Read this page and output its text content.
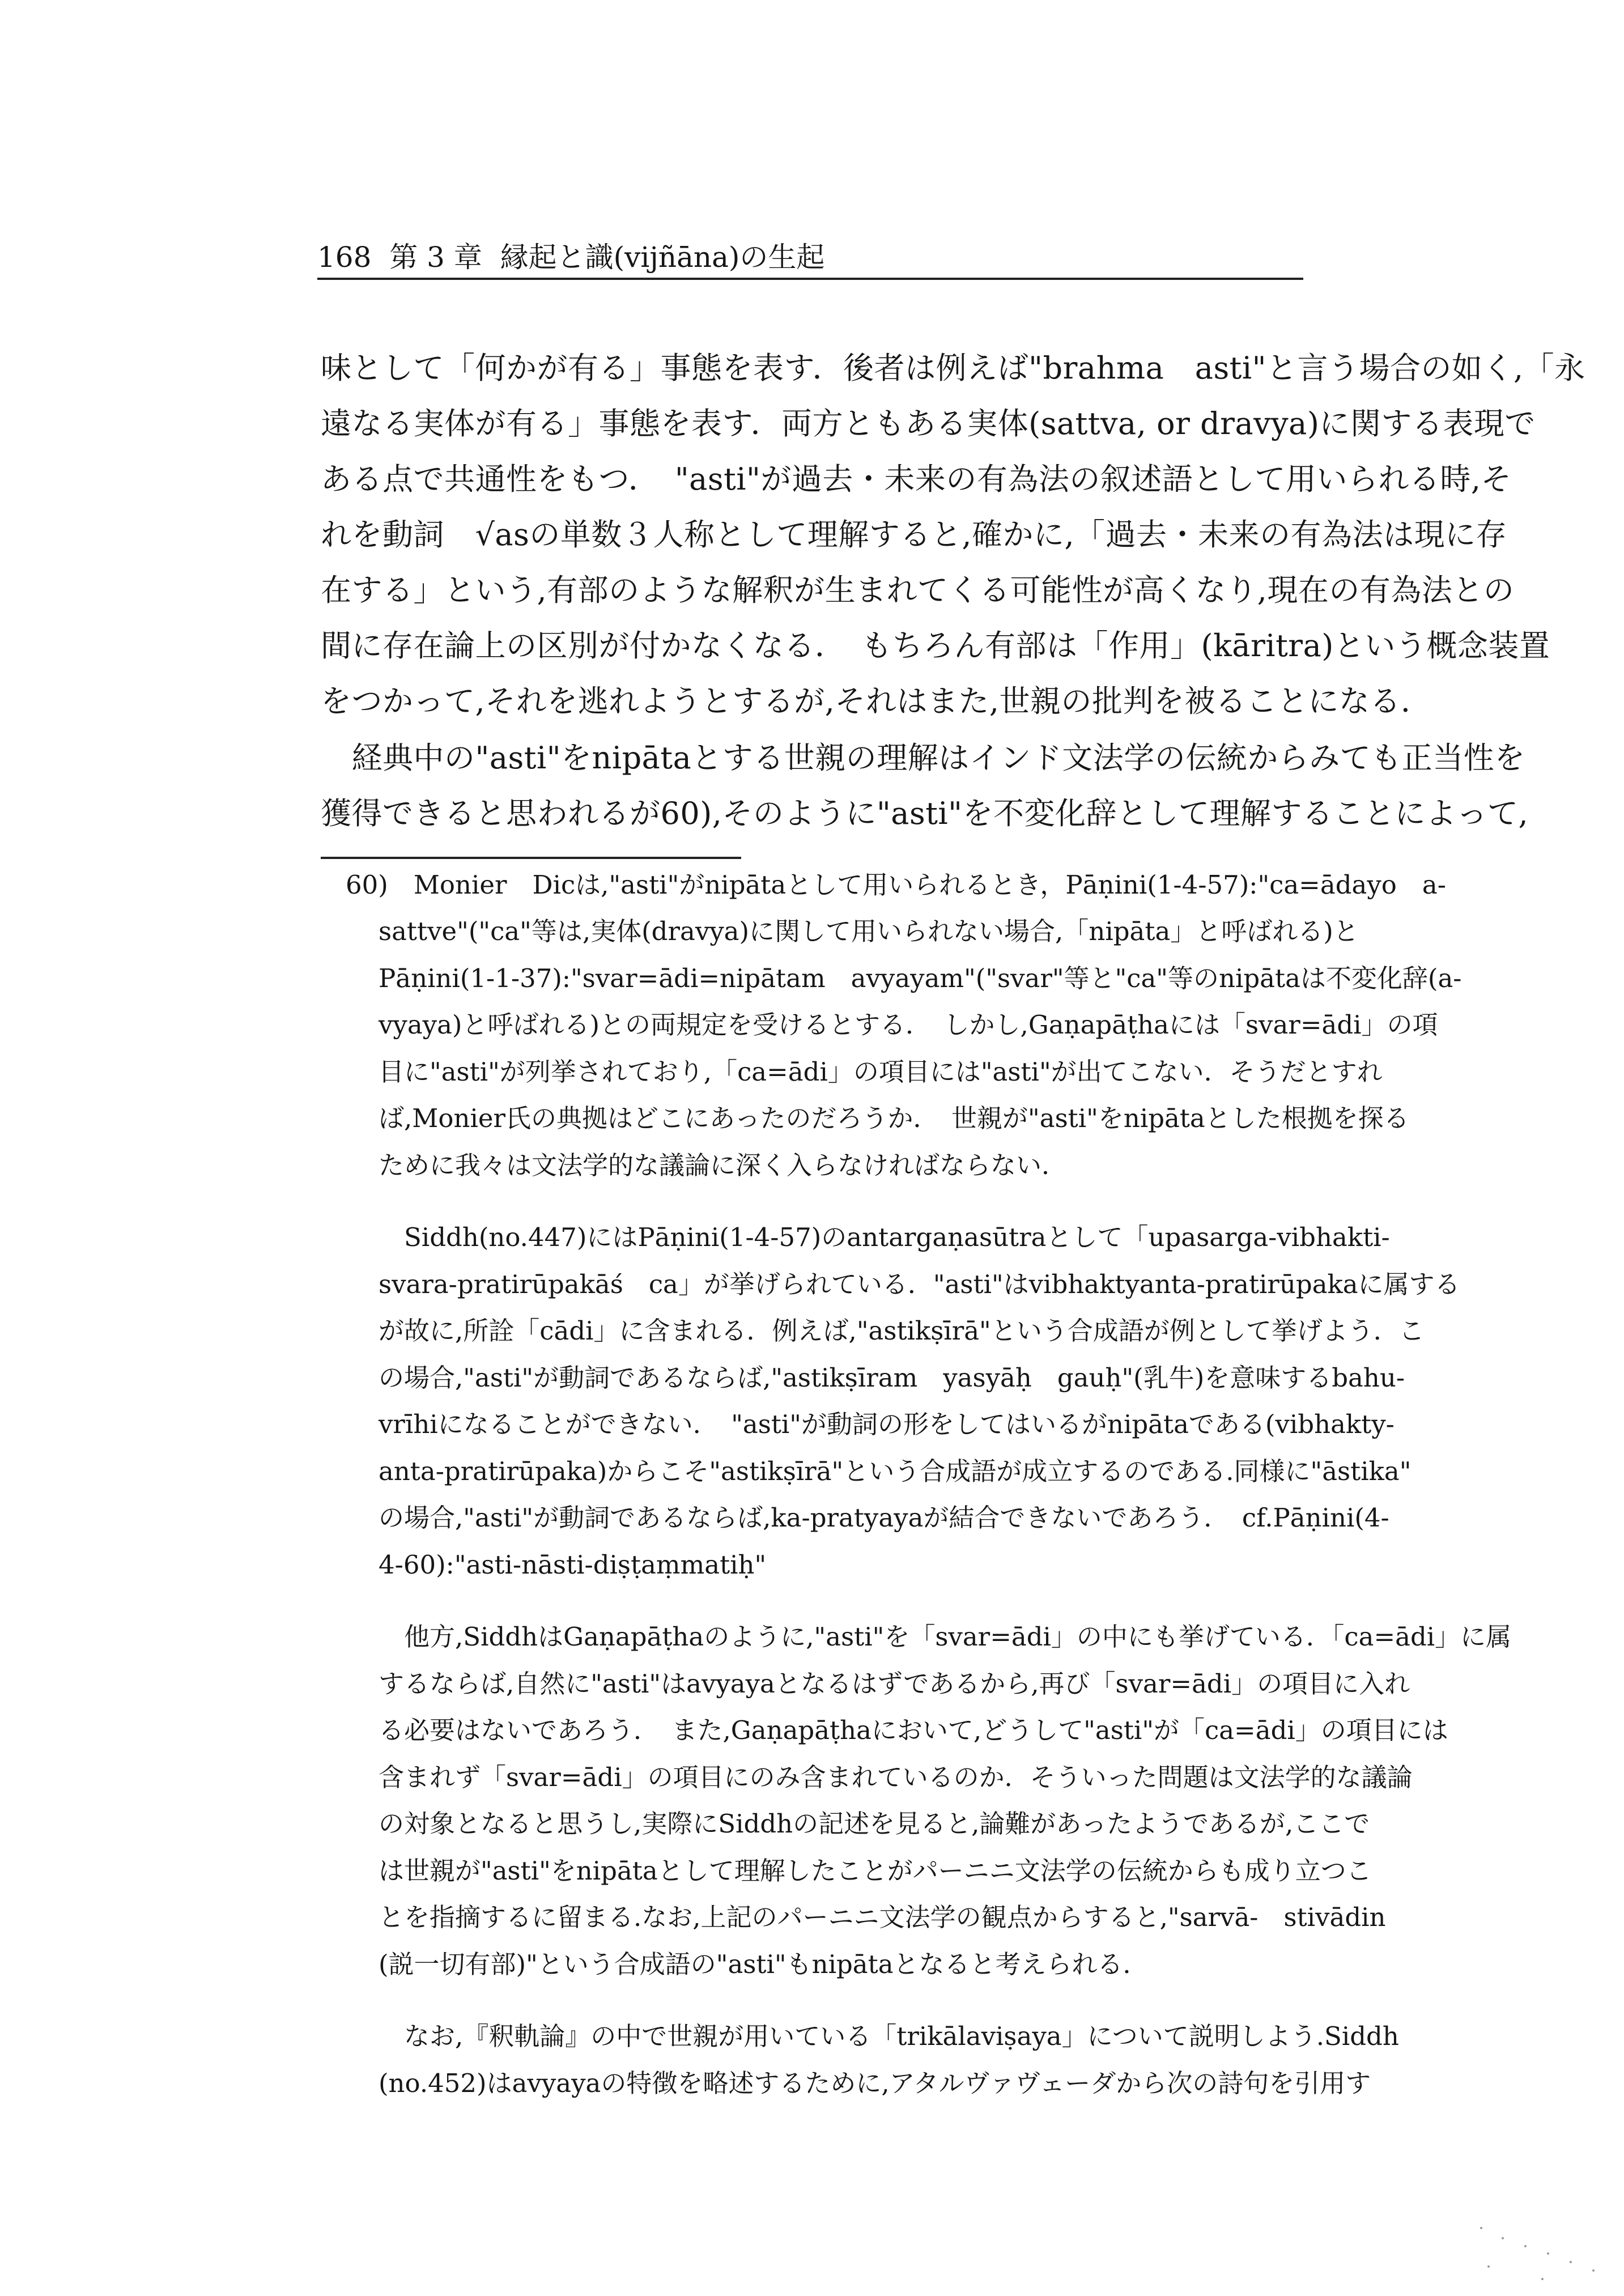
168 第 3 章 縁起と識(vijñāna)の生起
味として「何かが有る」事態を表す．後者は例えば"brahma　asti"と言う場合の如く,「永
遠なる実体が有る」事態を表す．両方ともある実体(sattva, or dravya)に関する表現で
ある点で共通性をもつ．　"asti"が過去・未来の有為法の叙述語として用いられる時,そ
れを動詞　√asの単数３人称として理解すると,確かに,「過去・未来の有為法は現に存
在する」という,有部のような解釈が生まれてくる可能性が高くなり,現在の有為法との
間に存在論上の区別が付かなくなる．　もちろん有部は「作用」(kāritra)という概念装置
をつかって,それを逃れようとするが,それはまた,世親の批判を被ることになる．
　経典中の"asti"をnipātaとする世親の理解はインド文法学の伝統からみても正当性を
獲得できると思われるが60),そのように"asti"を不変化辞として理解することによって,
60)　Monier　Dicは,"asti"がnipātaとして用いられるとき，Pāṇini(1-4-57):"ca=ādayo　a-
sattve"("ca"等は,実体(dravya)に関して用いられない場合,「nipāta」と呼ばれる)と
Pāṇini(1-1-37):"svar=ādi=nipātam　avyayam"("svar"等と"ca"等のnipātaは不変化辞(a-
vyaya)と呼ばれる)との両規定を受けるとする．　しかし,Gaṇapāṭhaには「svar=ādi」の項
目に"asti"が列挙されており,「ca=ādi」の項目には"asti"が出てこない．そうだとすれ
ば,Monier氏の典拠はどこにあったのだろうか．　世親が"asti"をnipātaとした根拠を探る
ために我々は文法学的な議論に深く入らなければならない．
　Siddh(no.447)にはPāṇini(1-4-57)のantargaṇasūtraとして「upasarga-vibhakti-
svara-pratirūpakāś　ca」が挙げられている．"asti"はvibhaktyanta-pratirūpakaに属する
が故に,所詮「cādi」に含まれる．例えば,"astikṣīrā"という合成語が例として挙げよう．こ
の場合,"asti"が動詞であるならば,"astikṣīram　yasyāḥ　gauḥ"(乳牛)を意味するbahu-
vrīhiになることができない．　"asti"が動詞の形をしてはいるがnipātaである(vibhakty-
anta-pratirūpaka)からこそ"astikṣīrā"という合成語が成立するのである.同様に"āstika"
の場合,"asti"が動詞であるならば,ka-pratyayaが結合できないであろう．　cf.Pāṇini(4-
4-60):"asti-nāsti-diṣṭaṃmatiḥ"
　他方,SiddhはGaṇapāṭhaのように,"asti"を「svar=ādi」の中にも挙げている．「ca=ādi」に属
するならば,自然に"asti"はavyayaとなるはずであるから,再び「svar=ādi」の項目に入れ
る必要はないであろう．　また,Gaṇapāṭhaにおいて,どうして"asti"が「ca=ādi」の項目には
含まれず「svar=ādi」の項目にのみ含まれているのか．そういった問題は文法学的な議論
の対象となると思うし,実際にSiddhの記述を見ると,論難があったようであるが,ここで
は世親が"asti"をnipātaとして理解したことがパーニニ文法学の伝統からも成り立つこ
とを指摘するに留まる.なお,上記のパーニニ文法学の観点からすると,"sarvā-　stivādin
(説一切有部)"という合成語の"asti"もnipātaとなると考えられる．
　なお,『釈軌論』の中で世親が用いている「trikālaviṣaya」について説明しよう.Siddh
(no.452)はavyayaの特徴を略述するために,アタルヴァヴェーダから次の詩句を引用す
